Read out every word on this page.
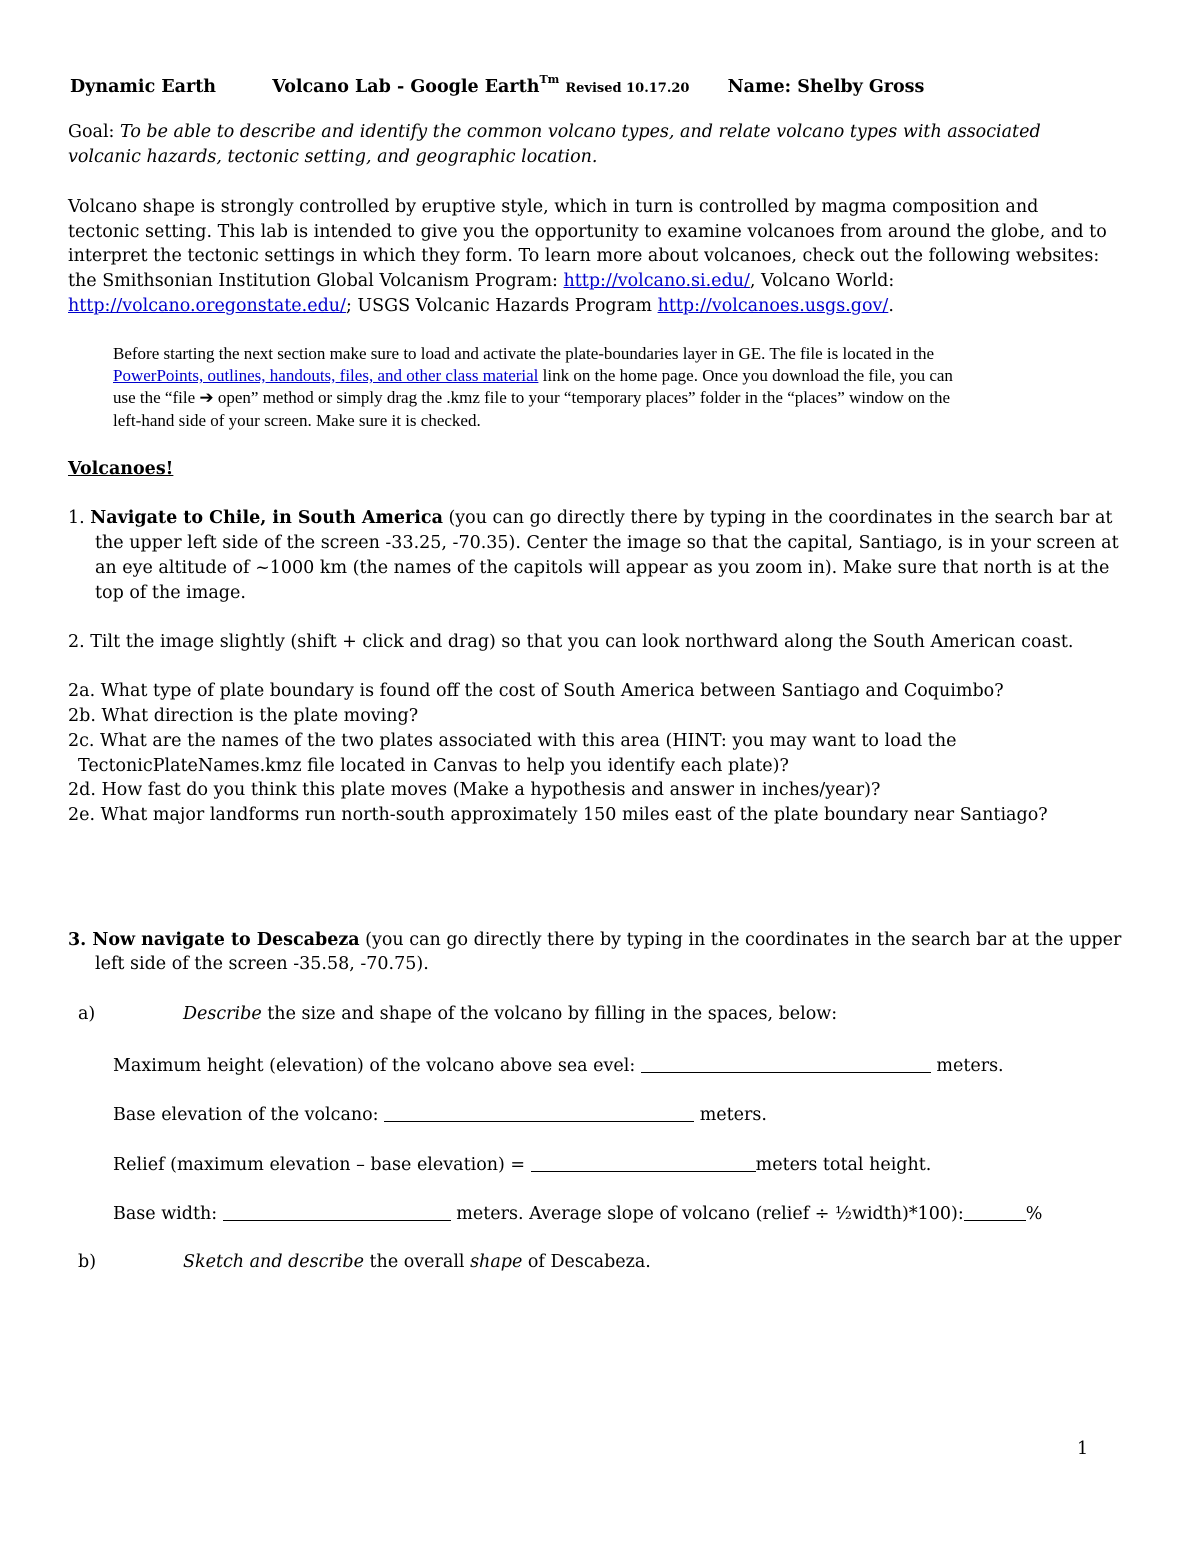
Dynamic Earth	Volcano Lab - Google Earth$^{Tm}$ Revised 10.17.20 Name: Shelby Gross
Goal: To be able to describe and identify the common volcano types, and relate volcano types with associated
volcanic hazards, tectonic setting, and geographic location.
Volcano shape is strongly controlled by eruptive style, which in turn is controlled by magma composition and
tectonic setting. This lab is intended to give you the opportunity to examine volcanoes from around the globe, and to
interpret the tectonic settings in which they form. To learn more about volcanoes, check out the following websites:
the Smithsonian Institution Global Volcanism Program: http://volcano.si.edu/, Volcano World:
http://volcano.oregonstate.edu/; USGS Volcanic Hazards Program http://volcanoes.usgs.gov/.
Before starting the next section make sure to load and activate the plate-boundaries layer in GE. The file is located in the
PowerPoints, outlines, handouts, files, and other class material link on the home page. Once you download the file, you can
use the “file ➔ open” method or simply drag the .kmz file to your “temporary places” folder in the “places” window on the
left-hand side of your screen. Make sure it is checked.
Volcanoes!
1. Navigate to Chile, in South America (you can go directly there by typing in the coordinates in the search bar at
the upper left side of the screen -33.25, -70.35). Center the image so that the capital, Santiago, is in your screen at
an eye altitude of ~1000 km (the names of the capitols will appear as you zoom in). Make sure that north is at the
top of the image.
2. Tilt the image slightly (shift + click and drag) so that you can look northward along the South American coast.
2a. What type of plate boundary is found off the cost of South America between Santiago and Coquimbo?
2b. What direction is the plate moving?
2c. What are the names of the two plates associated with this area (HINT: you may want to load the
TectonicPlateNames.kmz file located in Canvas to help you identify each plate)?
2d. How fast do you think this plate moves (Make a hypothesis and answer in inches/year)?
2e. What major landforms run north-south approximately 150 miles east of the plate boundary near Santiago?
3. Now navigate to Descabeza (you can go directly there by typing in the coordinates in the search bar at the upper
left side of the screen -35.58, -70.75).
a)	Describe the size and shape of the volcano by filling in the spaces, below:
Maximum height (elevation) of the volcano above sea evel:	meters.
Base elevation of the volcano:	meters.
Relief (maximum elevation – base elevation) =	meters total height.
Base width:	meters. Average slope of volcano (relief ÷ ½width)*100):	%
b)	Sketch and describe the overall shape of Descabeza.
1
